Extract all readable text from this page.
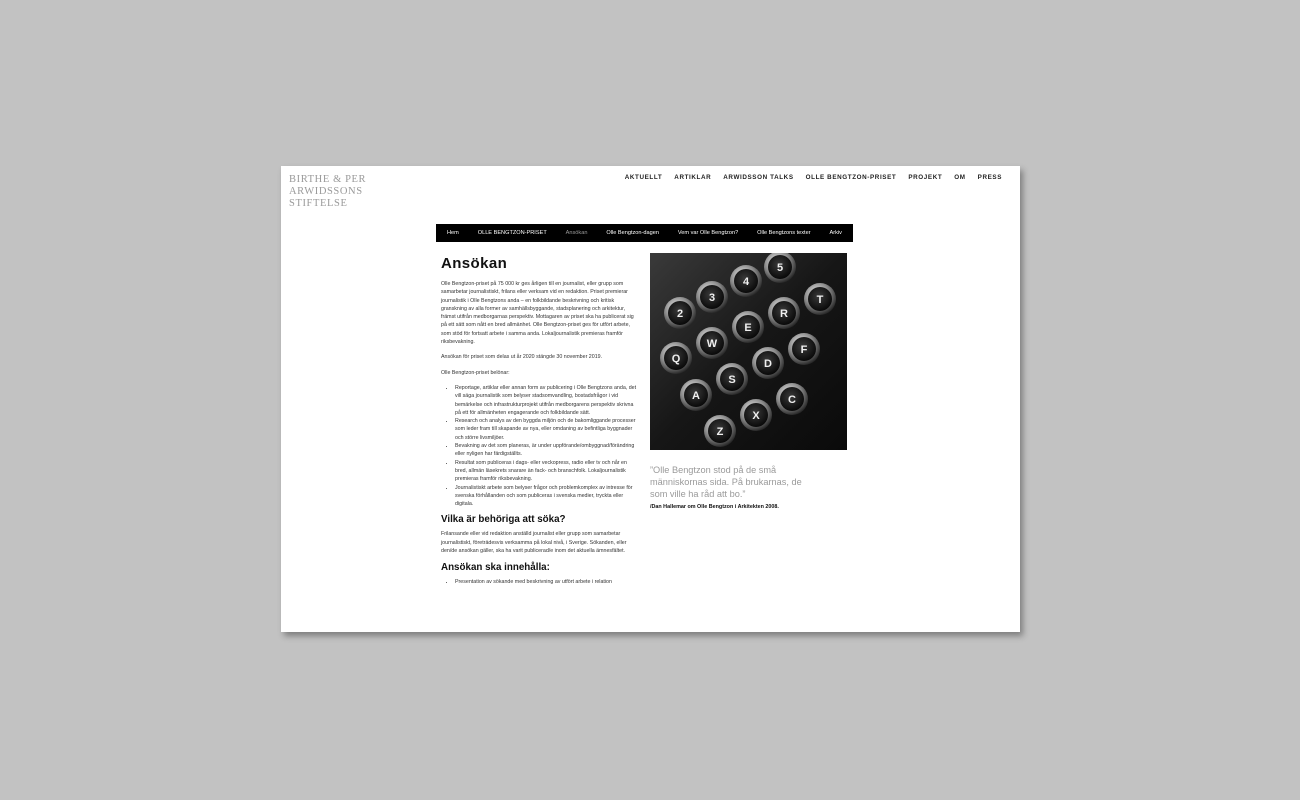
BIRTHE & PER
ARWIDSSONS
STIFTELSE
AKTUELLT ARTIKLAR ARWIDSSON TALKS OLLE BENGTZON-PRISET PROJEKT OM PRESS
Hem	OLLE BENGTZON-PRISET	Ansökan	Olle Bengtzon-dagen	Vem var Olle Bengtzon?	Olle Bengtzons texter	Arkiv
Ansökan

Olle Bengtzon-priset på 75 000 kr ges årligen till en journalist, eller grupp som samarbetar journalistiskt, frilans eller verksam vid en redaktion. Priset premierar journalistik i Olle Bengtzons anda – en folkbildande beskrivning och kritisk granskning av alla former av samhällsbyggande, stadsplanering och arkitektur, främst utifrån medborgarnas perspektiv. Mottagaren av priset ska ha publicerat sig på ett sätt som nått en bred allmänhet. Olle Bengtzon-priset ges för utfört arbete, som stöd för fortsatt arbete i samma anda. Lokaljournalistik premieras framför riksbevakning.

Ansökan för priset som delas ut år 2020 stängde 30 november 2019.

Olle Bengtzon-priset belönar:

• Reportage, artiklar eller annan form av publicering i Olle Bengtzons anda, det vill säga journalistik som belyser stadsomvandling, bostadsfrågor i vid bemärkelse och infrastrukturprojekt utifrån medborgarens perspektiv skrivna på ett för allmänheten engagerande och folkbildande sätt.
• Research och analys av den byggda miljön och de bakomliggande processer som leder fram till skapande av nya, eller omdaning av befintliga byggnader och större livsmiljöer.
• Bevakning av det som planeras, är under uppförande/ombyggnad/förändring eller nyligen har färdigställts.
• Resultat som publiceras i dags- eller veckopress, radio eller tv och når en bred, allmän läsekrets snarare än fack- och branschfolk. Lokaljournalistik premieras framför riksbevakning.
• Journalistiskt arbete som belyser frågor och problemkomplex av intresse för svenska förhållanden och som publiceras i svenska medier, tryckta eller digitala.
Vilka är behöriga att söka?

Frilansande eller vid redaktion anställd journalist eller grupp som samarbetar journalistiskt, företrädesvis verksamma på lokal nivå, i Sverige. Sökanden, eller den/de ansökan gäller, ska ha varit publicerad/e inom det aktuella ämnesfältet.

Ansökan ska innehålla:
• Presentation av sökande med beskrivning av utfört arbete i relation
Q
W
E
R
T
A
S
D
F
Z
X
C
2
3
4
5
”Olle Bengtzon stod på de små människornas sida. På brukarnas, de som ville ha råd att bo.”

/Dan Hallemar om Olle Bengtzon i Arkitekten 2008.
